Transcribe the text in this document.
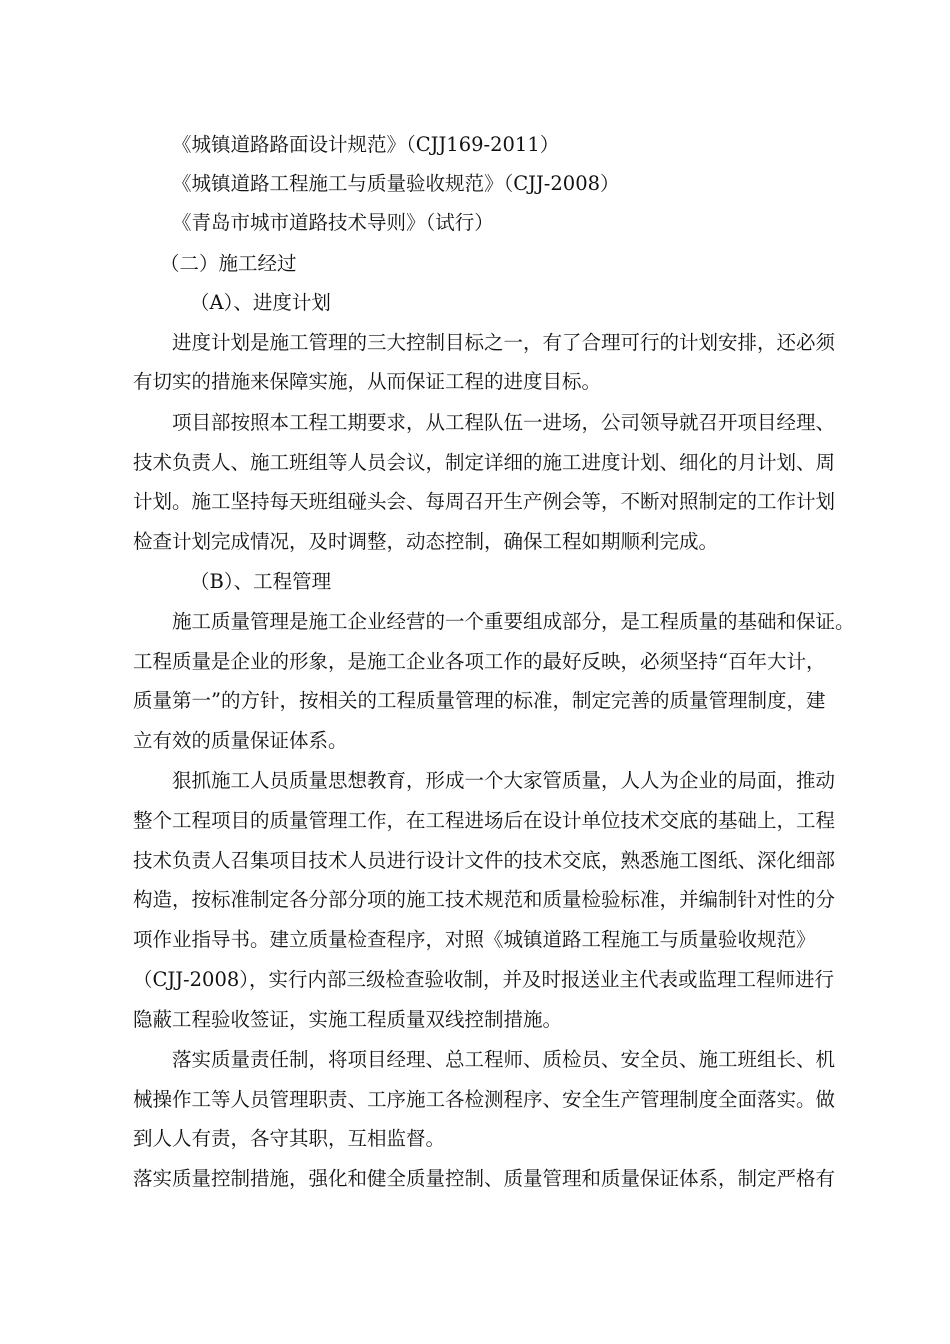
《城镇道路路面设计规范》（CJJ169-2011）
《城镇道路工程施工与质量验收规范》（CJJ-2008）
《青岛市城市道路技术导则》（试行）
（二）施工经过
（A）、进度计划
进度计划是施工管理的三大控制目标之一，有了合理可行的计划安排，还必须
有切实的措施来保障实施，从而保证工程的进度目标。
项目部按照本工程工期要求，从工程队伍一进场，公司领导就召开项目经理、
技术负责人、施工班组等人员会议，制定详细的施工进度计划、细化的月计划、周
计划。施工坚持每天班组碰头会、每周召开生产例会等，不断对照制定的工作计划
检查计划完成情况，及时调整，动态控制，确保工程如期顺利完成。
（B）、工程管理
施工质量管理是施工企业经营的一个重要组成部分，是工程质量的基础和保证。
工程质量是企业的形象，是施工企业各项工作的最好反映，必须坚持“百年大计，
质量第一”的方针，按相关的工程质量管理的标准，制定完善的质量管理制度，建
立有效的质量保证体系。
狠抓施工人员质量思想教育，形成一个大家管质量，人人为企业的局面，推动
整个工程项目的质量管理工作，在工程进场后在设计单位技术交底的基础上，工程
技术负责人召集项目技术人员进行设计文件的技术交底，熟悉施工图纸、深化细部
构造，按标准制定各分部分项的施工技术规范和质量检验标准，并编制针对性的分
项作业指导书。建立质量检查程序，对照《城镇道路工程施工与质量验收规范》
（CJJ-2008），实行内部三级检查验收制，并及时报送业主代表或监理工程师进行
隐蔽工程验收签证，实施工程质量双线控制措施。
落实质量责任制，将项目经理、总工程师、质检员、安全员、施工班组长、机
械操作工等人员管理职责、工序施工各检测程序、安全生产管理制度全面落实。做
到人人有责，各守其职，互相监督。
落实质量控制措施，强化和健全质量控制、质量管理和质量保证体系，制定严格有
